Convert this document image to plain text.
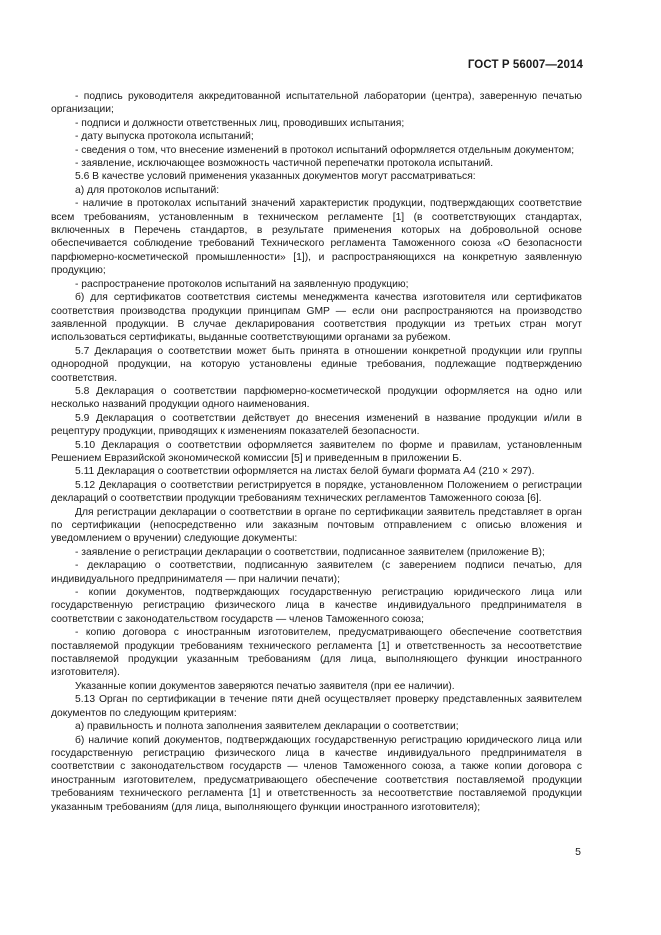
ГОСТ Р 56007—2014

- подпись руководителя аккредитованной испытательной лаборатории (центра), заверенную печатью организации;

- подписи и должности ответственных лиц, проводивших испытания;

- дату выпуска протокола испытаний;

- сведения о том, что внесение изменений в протокол испытаний оформляется отдельным документом;

- заявление, исключающее возможность частичной перепечатки протокола испытаний.

5.6 В качестве условий применения указанных документов могут рассматриваться:

а) для протоколов испытаний:

- наличие в протоколах испытаний значений характеристик продукции, подтверждающих соответствие всем требованиям, установленным в техническом регламенте [1] (в соответствующих стандартах, включенных в Перечень стандартов, в результате применения которых на добровольной основе обеспечивается соблюдение требований Технического регламента Таможенного союза «О безопасности парфюмерно-косметической промышленности» [1]), и распространяющихся на конкретную заявленную продукцию;

- распространение протоколов испытаний на заявленную продукцию;

б) для сертификатов соответствия системы менеджмента качества изготовителя или сертификатов соответствия производства продукции принципам GMP — если они распространяются на производство заявленной продукции. В случае декларирования соответствия продукции из третьих стран могут использоваться сертификаты, выданные соответствующими органами за рубежом.

5.7 Декларация о соответствии может быть принята в отношении конкретной продукции или группы однородной продукции, на которую установлены единые требования, подлежащие подтверждению соответствия.

5.8 Декларация о соответствии парфюмерно-косметической продукции оформляется на одно или несколько названий продукции одного наименования.

5.9 Декларация о соответствии действует до внесения изменений в название продукции и/или в рецептуру продукции, приводящих к изменениям показателей безопасности.

5.10 Декларация о соответствии оформляется заявителем по форме и правилам, установленным Решением Евразийской экономической комиссии [5] и приведенным в приложении Б.

5.11 Декларация о соответствии оформляется на листах белой бумаги формата А4 (210 × 297).

5.12 Декларация о соответствии регистрируется в порядке, установленном Положением о регистрации деклараций о соответствии продукции требованиям технических регламентов Таможенного союза [6].

Для регистрации декларации о соответствии в органе по сертификации заявитель представляет в орган по сертификации (непосредственно или заказным почтовым отправлением с описью вложения и уведомлением о вручении) следующие документы:

- заявление о регистрации декларации о соответствии, подписанное заявителем (приложение В);

- декларацию о соответствии, подписанную заявителем (с заверением подписи печатью, для индивидуального предпринимателя — при наличии печати);

- копии документов, подтверждающих государственную регистрацию юридического лица или государственную регистрацию физического лица в качестве индивидуального предпринимателя в соответствии с законодательством государств — членов Таможенного союза;

- копию договора с иностранным изготовителем, предусматривающего обеспечение соответствия поставляемой продукции требованиям технического регламента [1] и ответственность за несоответствие поставляемой продукции указанным требованиям (для лица, выполняющего функции иностранного изготовителя).

Указанные копии документов заверяются печатью заявителя (при ее наличии).

5.13 Орган по сертификации в течение пяти дней осуществляет проверку представленных заявителем документов по следующим критериям:

а) правильность и полнота заполнения заявителем декларации о соответствии;

б) наличие копий документов, подтверждающих государственную регистрацию юридического лица или государственную регистрацию физического лица в качестве индивидуального предпринимателя в соответствии с законодательством государств — членов Таможенного союза, а также копии договора с иностранным изготовителем, предусматривающего обеспечение соответствия поставляемой продукции требованиям технического регламента [1] и ответственность за несоответствие поставляемой продукции указанным требованиям (для лица, выполняющего функции иностранного изготовителя);

5
